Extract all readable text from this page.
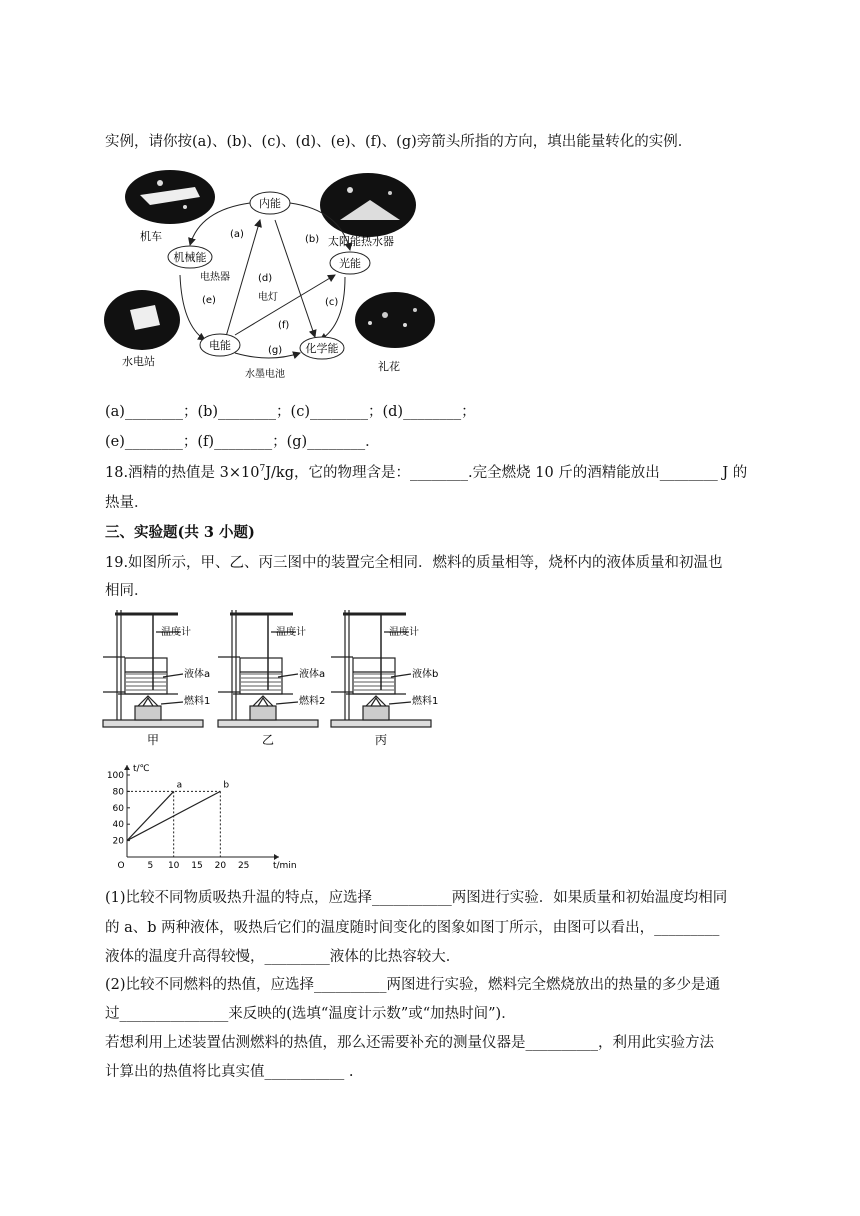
实例，请你按(a)、(b)、(c)、(d)、(e)、(f)、(g)旁箭头所指的方向，填出能量转化的实例．
机车	太阳能热水器
水电站	礼花
内能
机械能	光能
电能	化学能
(a)	(b)
(c)
(d)
(e)
(f)
(g)
电热器
电灯
水墨电池
(a)________；(b)________；(c)________；(d)________；
(e)________；(f)________；(g)________．
18.酒精的热值是 $3\times 10^7J/kg$，它的物理含是：________.完全燃烧 10 斤的酒精能放出________ J 的
热量．
三、实验题(共 3 小题)
19.如图所示，甲、乙、丙三图中的装置完全相同．燃料的质量相等，烧杯内的液体质量和初温也
相同．
温度计
液体a
燃料1
甲
温度计
液体a
燃料2
乙
温度计
液体b
燃料1
丙
5 10 15 20 25
20
40
60
80
100
O
t/℃
t/min
a	b
(1)比较不同物质吸热升温的特点，应选择___________两图进行实验．如果质量和初始温度均相同
的 a、b 两种液体，吸热后它们的温度随时间变化的图象如图丁所示，由图可以看出，_________
液体的温度升高得较慢，_________液体的比热容较大．
(2)比较不同燃料的热值，应选择__________两图进行实验，燃料完全燃烧放出的热量的多少是通
过_______________来反映的(选填“温度计示数”或“加热时间”)．
若想利用上述装置估测燃料的热值，那么还需要补充的测量仪器是__________，利用此实验方法
计算出的热值将比真实值___________ .
